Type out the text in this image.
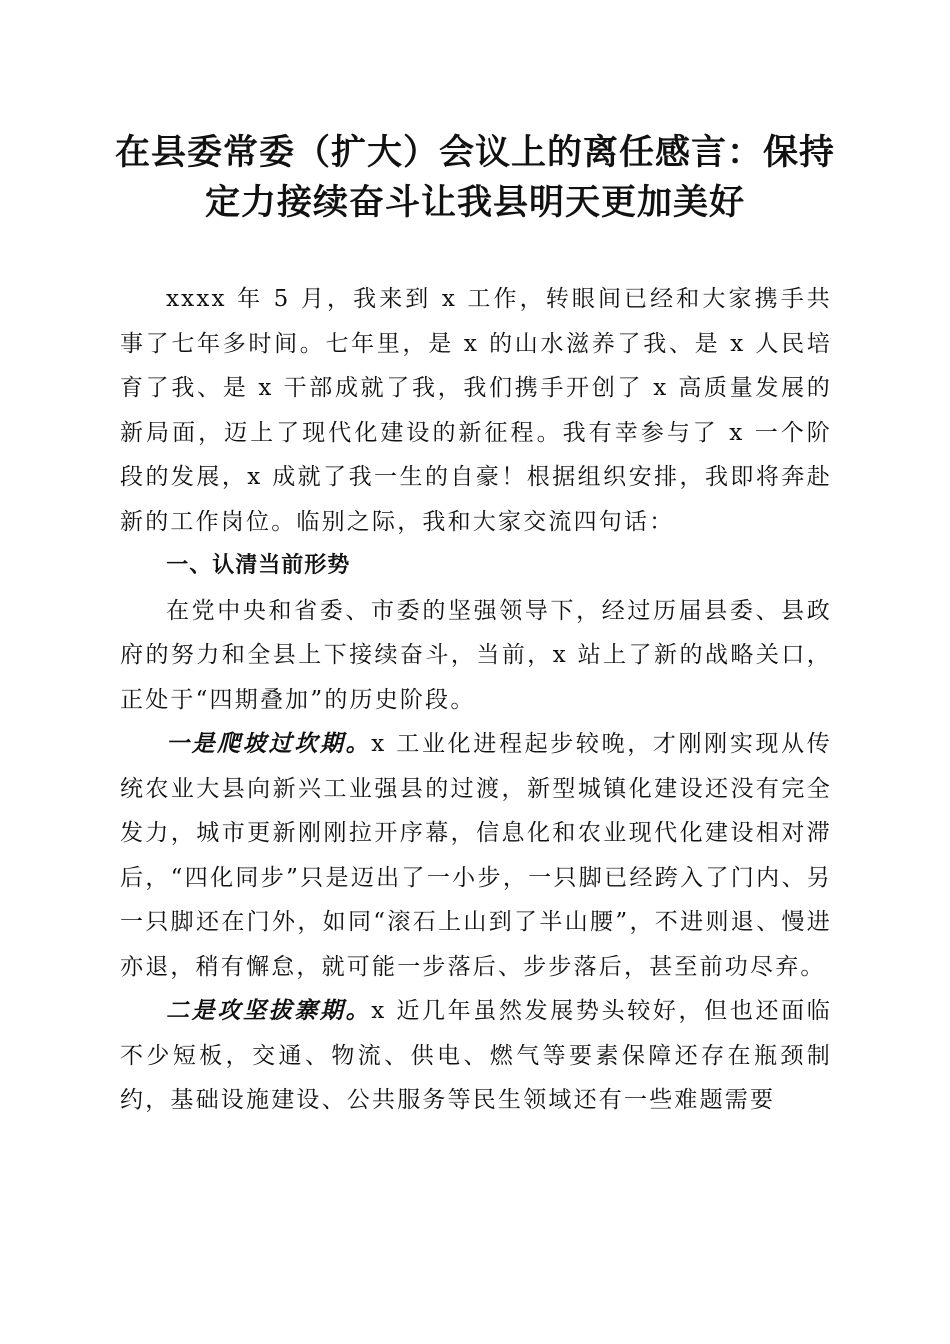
在县委常委（扩大）会议上的离任感言：保持
定力接续奋斗让我县明天更加美好

xxxx 年 5 月，我来到 x 工作，转眼间已经和大家携手共事了七年多时间。七年里，是 x 的山水滋养了我、是 x 人民培育了我、是 x 干部成就了我，我们携手开创了 x 高质量发展的新局面，迈上了现代化建设的新征程。我有幸参与了 x 一个阶段的发展，x 成就了我一生的自豪！根据组织安排，我即将奔赴新的工作岗位。临别之际，我和大家交流四句话：

一、认清当前形势

在党中央和省委、市委的坚强领导下，经过历届县委、县政府的努力和全县上下接续奋斗，当前，x 站上了新的战略关口，正处于“四期叠加”的历史阶段。

一是爬坡过坎期。x 工业化进程起步较晚，才刚刚实现从传统农业大县向新兴工业强县的过渡，新型城镇化建设还没有完全发力，城市更新刚刚拉开序幕，信息化和农业现代化建设相对滞后，“四化同步”只是迈出了一小步，一只脚已经跨入了门内、另一只脚还在门外，如同“滚石上山到了半山腰”，不进则退、慢进亦退，稍有懈怠，就可能一步落后、步步落后，甚至前功尽弃。

二是攻坚拔寨期。x 近几年虽然发展势头较好，但也还面临不少短板，交通、物流、供电、燃气等要素保障还存在瓶颈制约，基础设施建设、公共服务等民生领域还有一些难题需要
